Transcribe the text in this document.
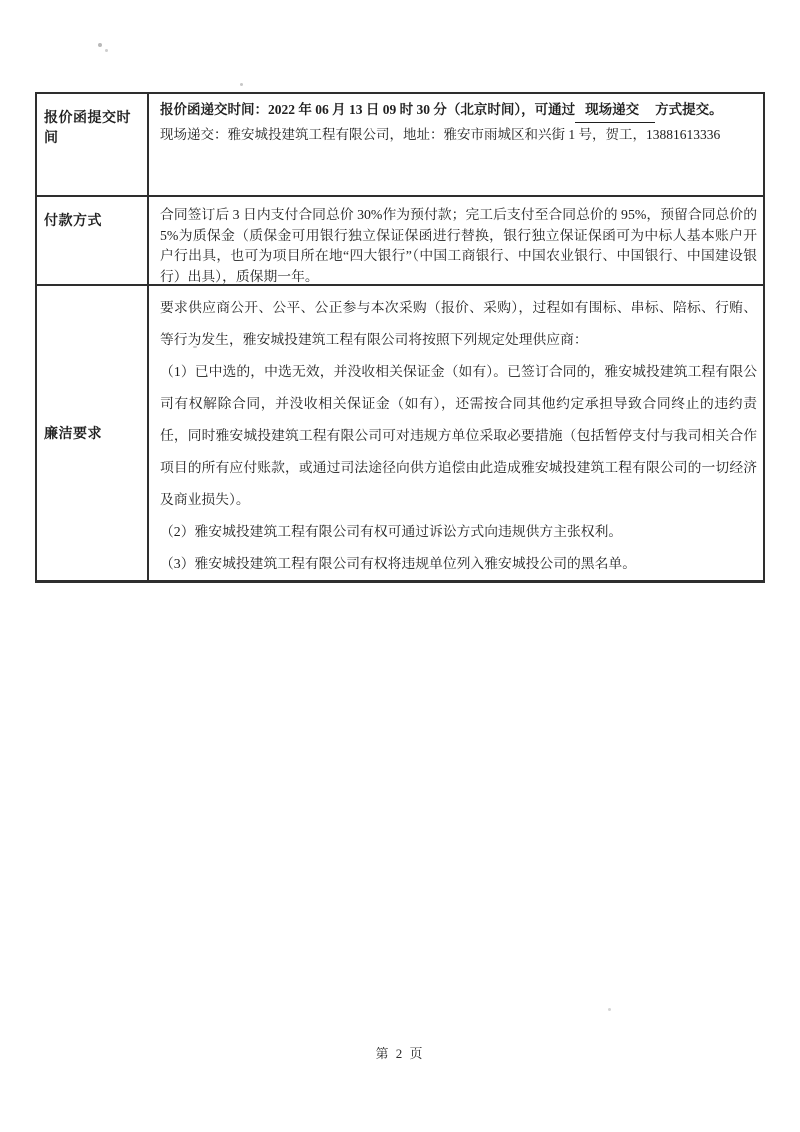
报价函提交时间
报价函递交时间：2022 年 06 月 13 日 09 时 30 分（北京时间），可通过 现场递交 方式提交。
现场递交：雅安城投建筑工程有限公司，地址：雅安市雨城区和兴街 1 号，贺工，13881613336
付款方式	合同签订后 3 日内支付合同总价 30%作为预付款；完工后支付至合同总价的 95%，预留合同总价的 5%为质保金（质保金可用银行独立保证保函进行替换，银行独立保证保函可为中标人基本账户开户行出具，也可为项目所在地“四大银行”（中国工商银行、中国农业银行、中国银行、中国建设银行）出具），质保期一年。
廉洁要求

要求供应商公开、公平、公正参与本次采购（报价、采购），过程如有围标、串标、陪标、行贿、等行为发生，雅安城投建筑工程有限公司将按照下列规定处理供应商：

（1）已中选的，中选无效，并没收相关保证金（如有）。已签订合同的，雅安城投建筑工程有限公司有权解除合同，并没收相关保证金（如有），还需按合同其他约定承担导致合同终止的违约责任，同时雅安城投建筑工程有限公司可对违规方单位采取必要措施（包括暂停支付与我司相关合作项目的所有应付账款，或通过司法途径向供方追偿由此造成雅安城投建筑工程有限公司的一切经济及商业损失）。

（2）雅安城投建筑工程有限公司有权可通过诉讼方式向违规供方主张权利。

（3）雅安城投建筑工程有限公司有权将违规单位列入雅安城投公司的黑名单。

第 2 页
